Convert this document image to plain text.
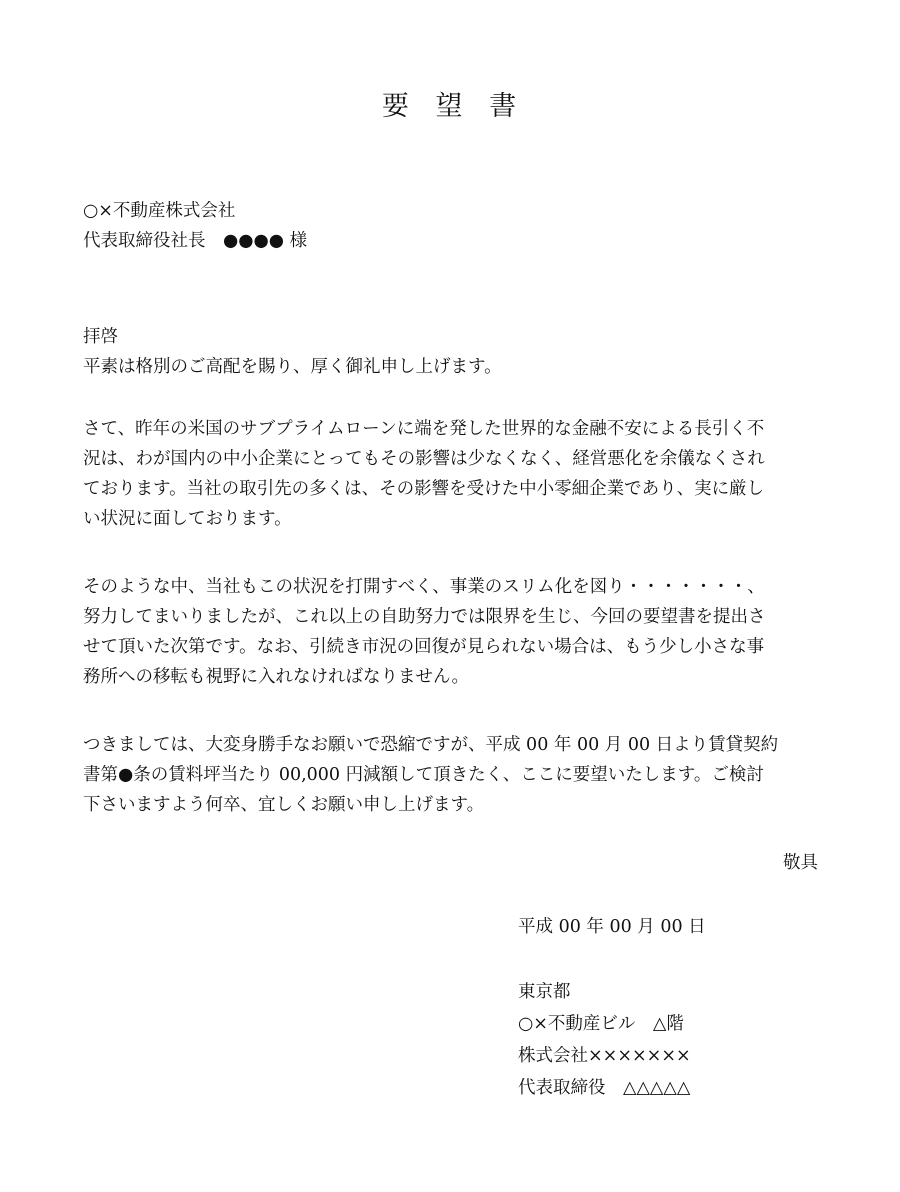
要 望 書
○×不動産株式会社
代表取締役社長　●●●● 様
拝啓
平素は格別のご高配を賜り、厚く御礼申し上げます。
さて、昨年の米国のサブプライムローンに端を発した世界的な金融不安による長引く不
況は、わが国内の中小企業にとってもその影響は少なくなく、経営悪化を余儀なくされ
ております。当社の取引先の多くは、その影響を受けた中小零細企業であり、実に厳し
い状況に面しております。
そのような中、当社もこの状況を打開すべく、事業のスリム化を図り・・・・・・・、
努力してまいりましたが、これ以上の自助努力では限界を生じ、今回の要望書を提出さ
せて頂いた次第です。なお、引続き市況の回復が見られない場合は、もう少し小さな事
務所への移転も視野に入れなければなりません。
つきましては、大変身勝手なお願いで恐縮ですが、平成 00 年 00 月 00 日より賃貸契約
書第●条の賃料坪当たり 00,000 円減額して頂きたく、ここに要望いたします。ご検討
下さいますよう何卒、宜しくお願い申し上げます。
敬具
平成 00 年 00 月 00 日
東京都
○×不動産ビル　△階
株式会社×××××××
代表取締役　△△△△△
